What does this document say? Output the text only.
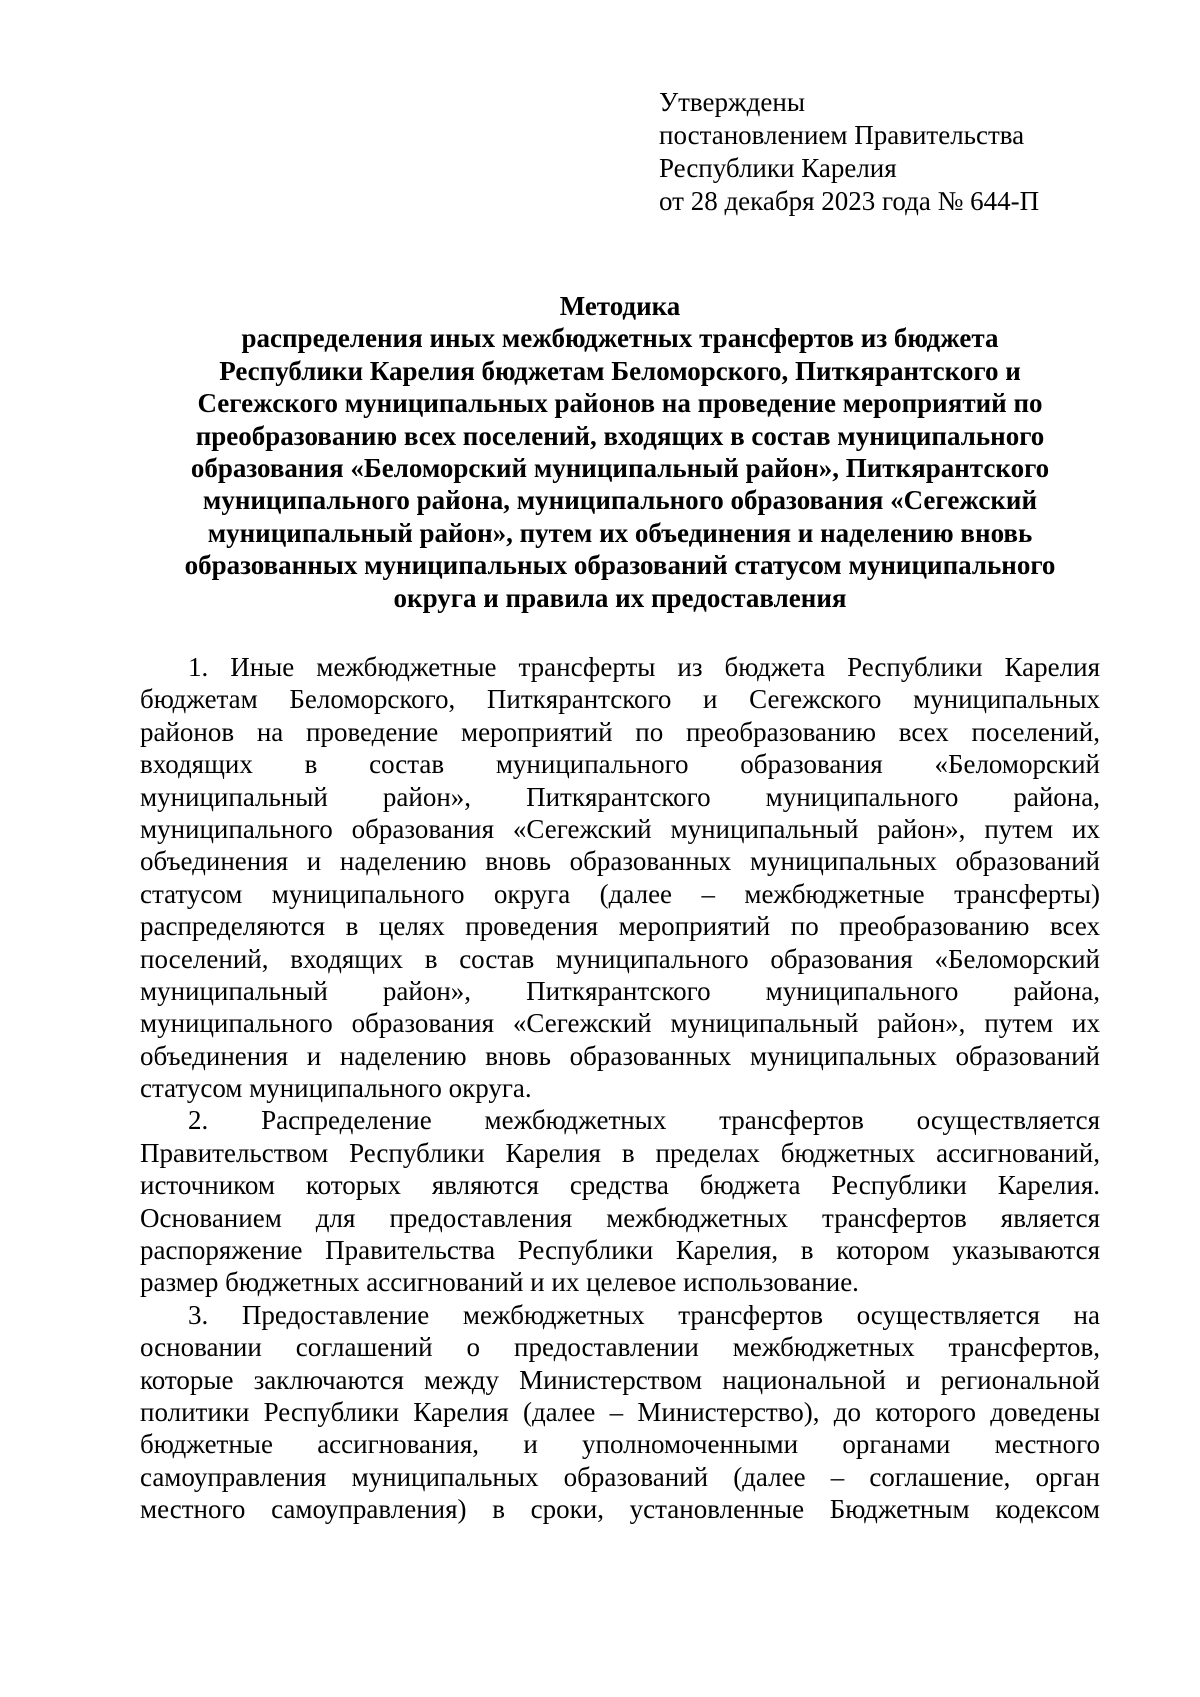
Утверждены
постановлением Правительства
Республики Карелия
от 28 декабря 2023 года № 644-П
Методика
распределения иных межбюджетных трансфертов из бюджета
Республики Карелия бюджетам Беломорского, Питкярантского и
Сегежского муниципальных районов на проведение мероприятий по
преобразованию всех поселений, входящих в состав муниципального
образования «Беломорский муниципальный район», Питкярантского
муниципального района, муниципального образования «Сегежский
муниципальный район», путем их объединения и наделению вновь
образованных муниципальных образований статусом муниципального
округа и правила их предоставления
1. Иные межбюджетные трансферты из бюджета Республики Карелия
бюджетам Беломорского, Питкярантского и Сегежского муниципальных
районов на проведение мероприятий по преобразованию всех поселений,
входящих в состав муниципального образования «Беломорский
муниципальный район», Питкярантского муниципального района,
муниципального образования «Сегежский муниципальный район», путем их
объединения и наделению вновь образованных муниципальных образований
статусом муниципального округа (далее – межбюджетные трансферты)
распределяются в целях проведения мероприятий по преобразованию всех
поселений, входящих в состав муниципального образования «Беломорский
муниципальный район», Питкярантского муниципального района,
муниципального образования «Сегежский муниципальный район», путем их
объединения и наделению вновь образованных муниципальных образований
статусом муниципального округа.
2. Распределение межбюджетных трансфертов осуществляется
Правительством Республики Карелия в пределах бюджетных ассигнований,
источником которых являются средства бюджета Республики Карелия.
Основанием для предоставления межбюджетных трансфертов является
распоряжение Правительства Республики Карелия, в котором указываются
размер бюджетных ассигнований и их целевое использование.
3. Предоставление межбюджетных трансфертов осуществляется на
основании соглашений о предоставлении межбюджетных трансфертов,
которые заключаются между Министерством национальной и региональной
политики Республики Карелия (далее – Министерство), до которого доведены
бюджетные ассигнования, и уполномоченными органами местного
самоуправления муниципальных образований (далее – соглашение, орган
местного самоуправления) в сроки, установленные Бюджетным кодексом
